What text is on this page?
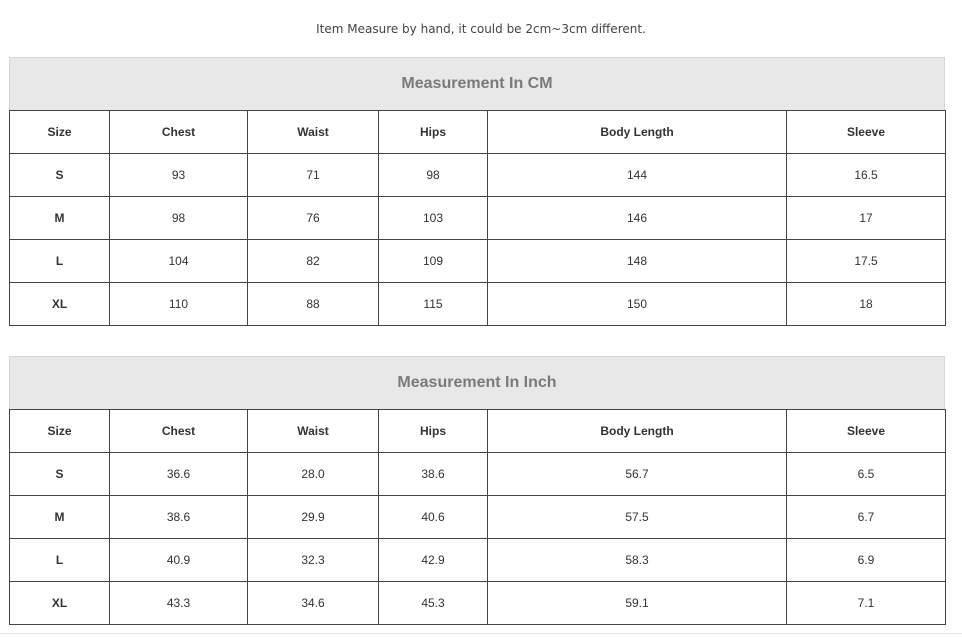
Item Measure by hand, it could be 2cm~3cm different.
Measurement In CM
Size	Chest	Waist	Hips	Body Length	Sleeve
S	93	71	98	144	16.5
M	98	76	103	146	17
L	104	82	109	148	17.5
XL	110	88	115	150	18
Measurement In Inch
Size	Chest	Waist	Hips	Body Length	Sleeve
S	36.6	28.0	38.6	56.7	6.5
M	38.6	29.9	40.6	57.5	6.7
L	40.9	32.3	42.9	58.3	6.9
XL	43.3	34.6	45.3	59.1	7.1
